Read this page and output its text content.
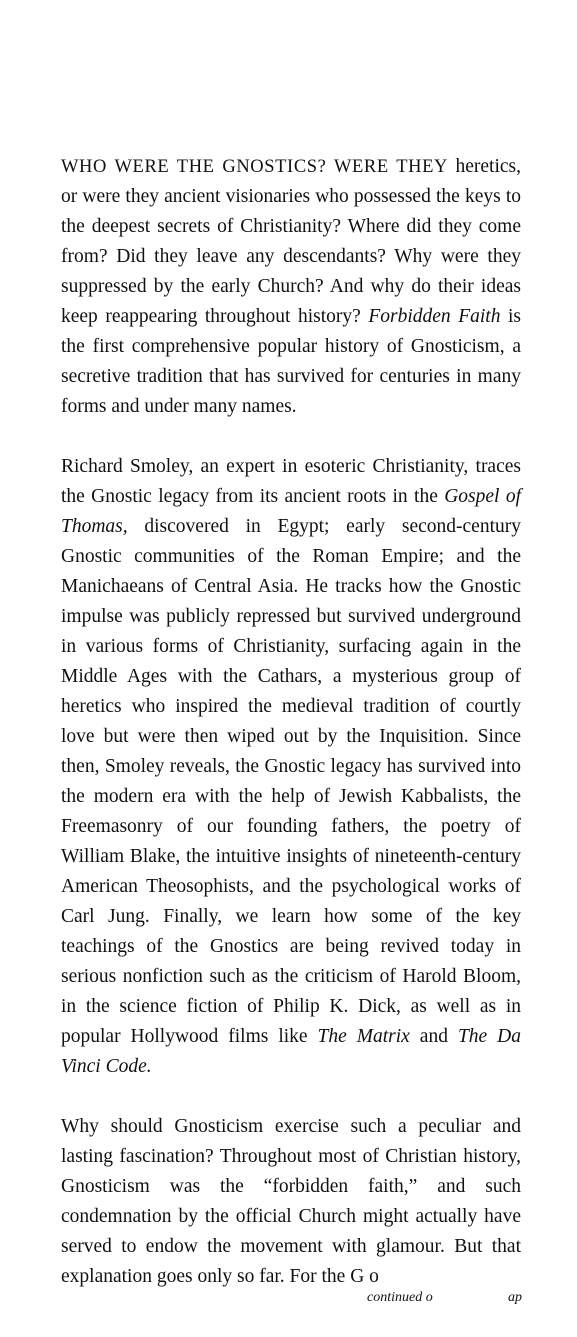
WHO WERE THE GNOSTICS? WERE THEY heretics, or were they ancient visionaries who possessed the keys to the deepest secrets of Christianity? Where did they come from? Did they leave any descendants? Why were they suppressed by the early Church? And why do their ideas keep reappearing throughout history? Forbidden Faith is the first comprehensive popular history of Gnosticism, a secretive tradition that has survived for centuries in many forms and under many names.

Richard Smoley, an expert in esoteric Christianity, traces the Gnostic legacy from its ancient roots in the Gospel of Thomas, discovered in Egypt; early second-century Gnostic communities of the Roman Empire; and the Manichaeans of Central Asia. He tracks how the Gnostic impulse was publicly repressed but survived underground in various forms of Christianity, surfacing again in the Middle Ages with the Cathars, a mysterious group of heretics who inspired the medieval tradition of courtly love but were then wiped out by the Inquisition. Since then, Smoley reveals, the Gnostic legacy has survived into the modern era with the help of Jewish Kabbalists, the Freemasonry of our founding fathers, the poetry of William Blake, the intuitive insights of nineteenth-century American Theosophists, and the psychological works of Carl Jung. Finally, we learn how some of the key teachings of the Gnostics are being revived today in serious nonfiction such as the criticism of Harold Bloom, in the science fiction of Philip K. Dick, as well as in popular Hollywood films like The Matrix and The Da Vinci Code.

Why should Gnosticism exercise such a peculiar and lasting fascination? Throughout most of Christian history, Gnosticism was the “forbidden faith,” and such condemnation by the official Church might actually have served to endow the movement with glamour. But that explanation goes only so far. For the G o

continued o	ap
